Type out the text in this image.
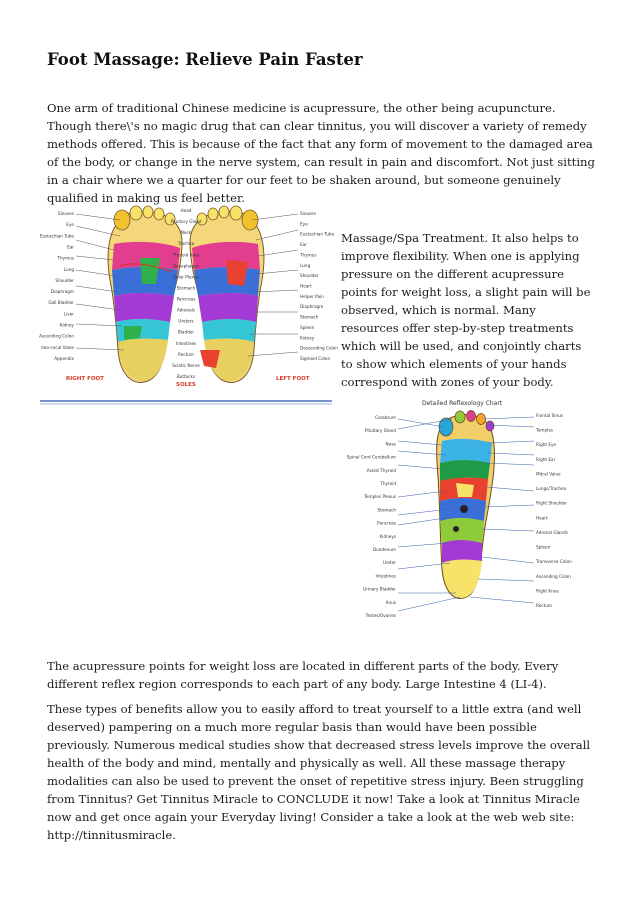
Foot Massage: Relieve Pain Faster

One arm of traditional Chinese medicine is acupressure, the other being acupuncture. Though there\'s no magic drug that can clear tinnitus, you will discover a variety of remedy methods offered. This is because of the fact that any form of movement to the damaged area of the body, or change in the nerve system, can result in pain and discomfort. Not just sitting in a chair where we a quarter for our feet to be shaken around, but someone genuinely qualified in making us feel better.

Sinuses
Eye
Eustachian Tube
Ear
Thymus
Lung
Shoulder
Diaphragm
Gall Bladder
Liver
Kidney
Ascending Colon
Ileo-cecal Valve
Appendix
Head
Pituitary Gland
Neck
Trachea
Thyroid Area
Oesophagus
Solar Plexus
Stomach
Pancreas
Adrenals
Ureters
Bladder
Intestines
Rectum
Sciatic Nerve
Buttocks
Sinuses
Eye
Eustachian Tube
Ear
Thymus
Lung
Shoulder
Heart
Helper Pain
Diaphragm
Stomach
Spleen
Kidney
Descending Colon
Sigmoid Colon
RIGHT FOOT
SOLES
LEFT FOOT

Massage/Spa Treatment. It also helps to improve flexibility. When one is applying pressure on the different acupressure points for weight loss, a slight pain will be observed, which is normal. Many resources offer step-by-step treatments which will be used, and conjointly charts to show which elements of your hands correspond with zones of your body.

Detailed Reflexology Chart
Cerebrum
Pituitary Gland
Nose
Spinal Cord Cerebellum
Assist Thyroid
Thyroid
Temples Plexus
Stomach
Pancreas
Kidneys
Duodenum
Ureter
Intestines
Urinary Bladder
Anus
Testes/Ovaries
Frontal Sinus
Temples
Right Eye
Right Ear
Mitral Valve
Lungs/Trachea
Right Shoulder
Heart
Adrenal Glands
Spleen
Transverse Colon
Ascending Colon
Right Knee
Rectum

The acupressure points for weight loss are located in different parts of the body. Every different reflex region corresponds to each part of any body. Large Intestine 4 (LI-4).

These types of benefits allow you to easily afford to treat yourself to a little extra (and well deserved) pampering on a much more regular basis than would have been possible previously. Numerous medical studies show that decreased stress levels improve the overall health of the body and mind, mentally and physically as well. All these massage therapy modalities can also be used to prevent the onset of repetitive stress injury. Been struggling from Tinnitus? Get Tinnitus Miracle to CONCLUDE it now! Take a look at Tinnitus Miracle now and get once again your Everyday living! Consider a take a look at the web web site: http://tinnitusmiracle.
